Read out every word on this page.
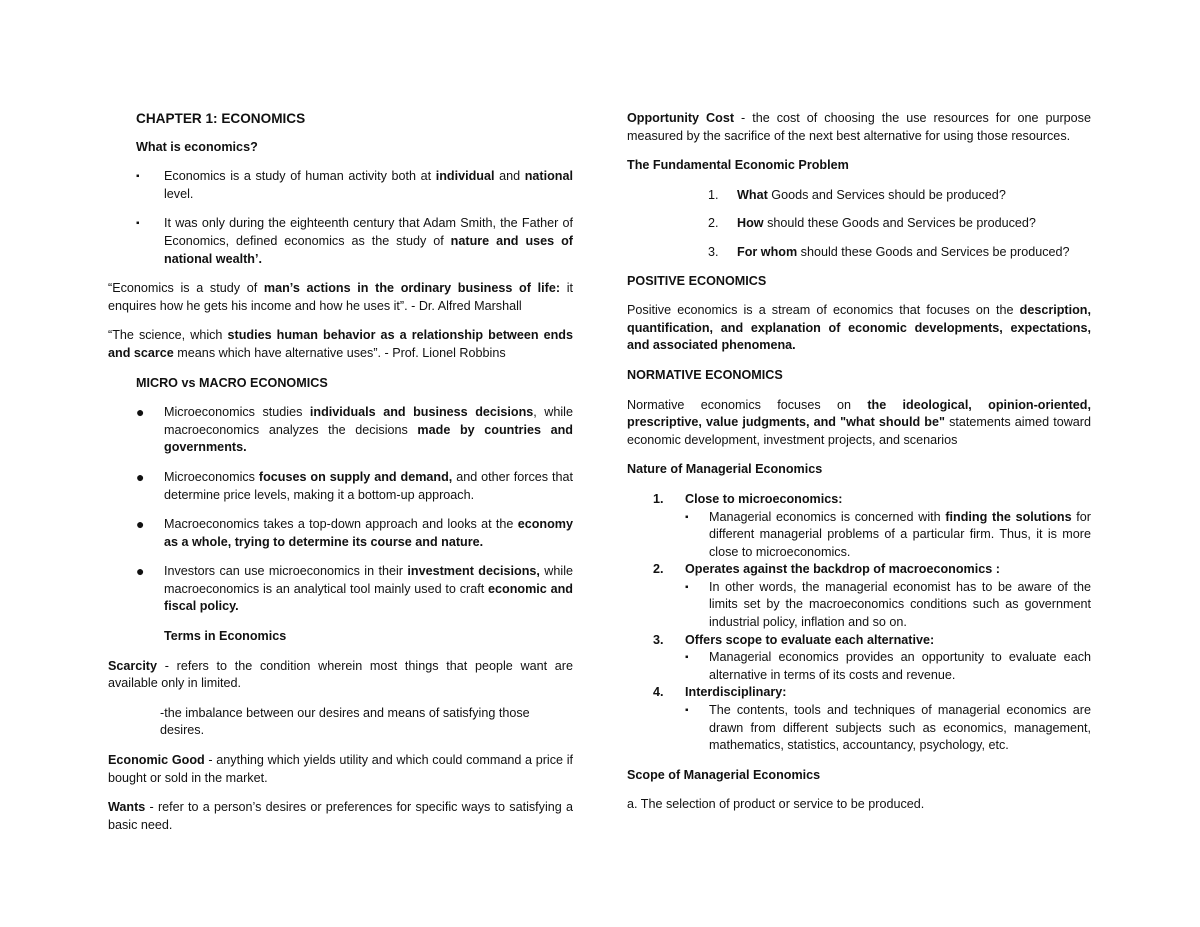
CHAPTER 1: ECONOMICS

What is economics?

▪ Economics is a study of human activity both at individual and national level.
▪ It was only during the eighteenth century that Adam Smith, the Father of Economics, defined economics as the study of nature and uses of national wealth’.

“Economics is a study of man’s actions in the ordinary business of life: it enquires how he gets his income and how he uses it”. - Dr. Alfred Marshall

“The science, which studies human behavior as a relationship between ends and scarce means which have alternative uses”. - Prof. Lionel Robbins

MICRO vs MACRO ECONOMICS

● Microeconomics studies individuals and business decisions, while macroeconomics analyzes the decisions made by countries and governments.
● Microeconomics focuses on supply and demand, and other forces that determine price levels, making it a bottom-up approach.
● Macroeconomics takes a top-down approach and looks at the economy as a whole, trying to determine its course and nature.
● Investors can use microeconomics in their investment decisions, while macroeconomics is an analytical tool mainly used to craft economic and fiscal policy.

Terms in Economics

Scarcity - refers to the condition wherein most things that people want are available only in limited.

-the imbalance between our desires and means of satisfying those desires.

Economic Good - anything which yields utility and which could command a price if bought or sold in the market.

Wants - refer to a person’s desires or preferences for specific ways to satisfying a basic need.

Opportunity Cost - the cost of choosing the use resources for one purpose measured by the sacrifice of the next best alternative for using those resources.

The Fundamental Economic Problem

1. What Goods and Services should be produced?
2. How should these Goods and Services be produced?
3. For whom should these Goods and Services be produced?

POSITIVE ECONOMICS

Positive economics is a stream of economics that focuses on the description, quantification, and explanation of economic developments, expectations, and associated phenomena.

NORMATIVE ECONOMICS

Normative economics focuses on the ideological, opinion-oriented, prescriptive, value judgments, and "what should be" statements aimed toward economic development, investment projects, and scenarios

Nature of Managerial Economics

1. Close to microeconomics:
▪ Managerial economics is concerned with finding the solutions for different managerial problems of a particular firm. Thus, it is more close to microeconomics.
2. Operates against the backdrop of macroeconomics :
▪ In other words, the managerial economist has to be aware of the limits set by the macroeconomics conditions such as government industrial policy, inflation and so on.
3. Offers scope to evaluate each alternative:
▪ Managerial economics provides an opportunity to evaluate each alternative in terms of its costs and revenue.
4. Interdisciplinary:
▪ The contents, tools and techniques of managerial economics are drawn from different subjects such as economics, management, mathematics, statistics, accountancy, psychology, etc.

Scope of Managerial Economics

a. The selection of product or service to be produced.
